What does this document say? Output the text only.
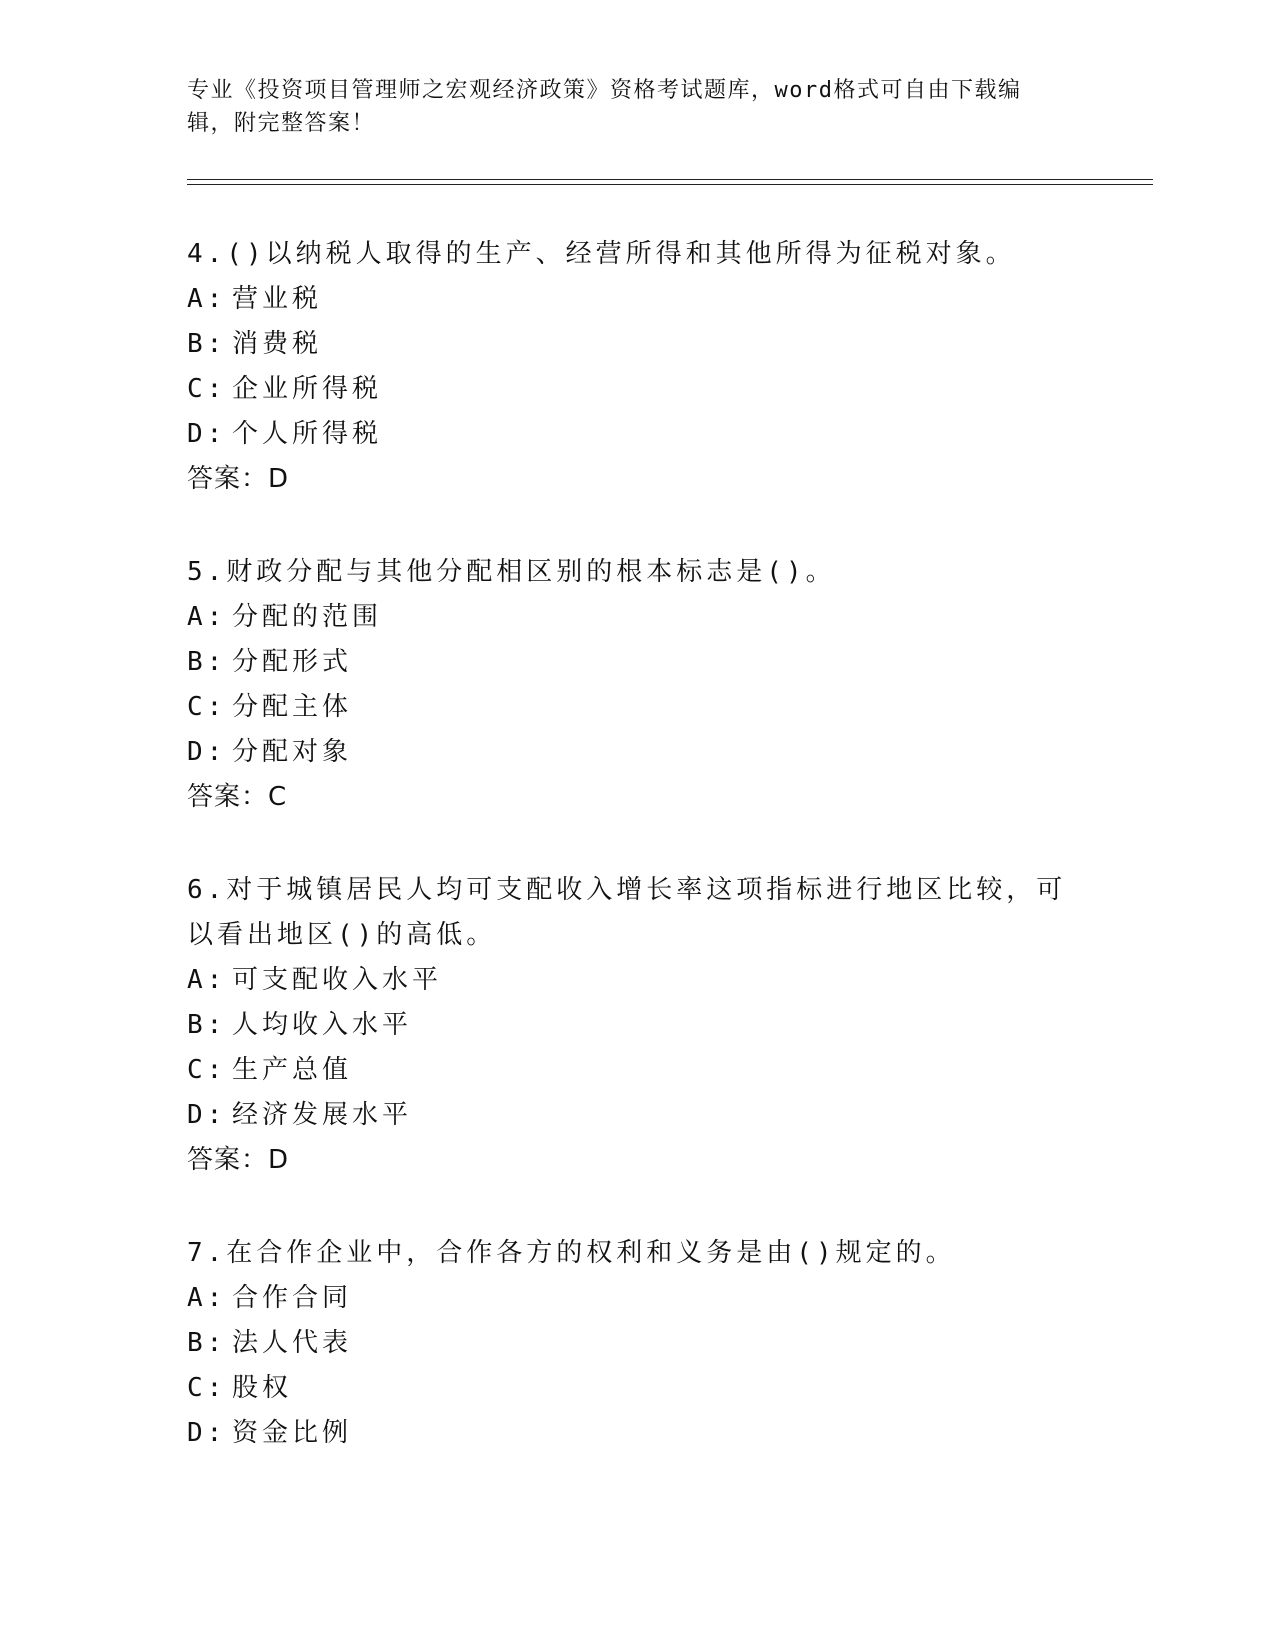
专业《投资项目管理师之宏观经济政策》资格考试题库，word格式可自由下载编辑，附完整答案！
4.()以纳税人取得的生产、经营所得和其他所得为征税对象。
A: 营业税
B: 消费税
C: 企业所得税
D: 个人所得税
答案：D
5.财政分配与其他分配相区别的根本标志是()。
A: 分配的范围
B: 分配形式
C: 分配主体
D: 分配对象
答案：C
6.对于城镇居民人均可支配收入增长率这项指标进行地区比较，可以看出地区()的高低。
A: 可支配收入水平
B: 人均收入水平
C: 生产总值
D: 经济发展水平
答案：D
7.在合作企业中，合作各方的权利和义务是由()规定的。
A: 合作合同
B: 法人代表
C: 股权
D: 资金比例
